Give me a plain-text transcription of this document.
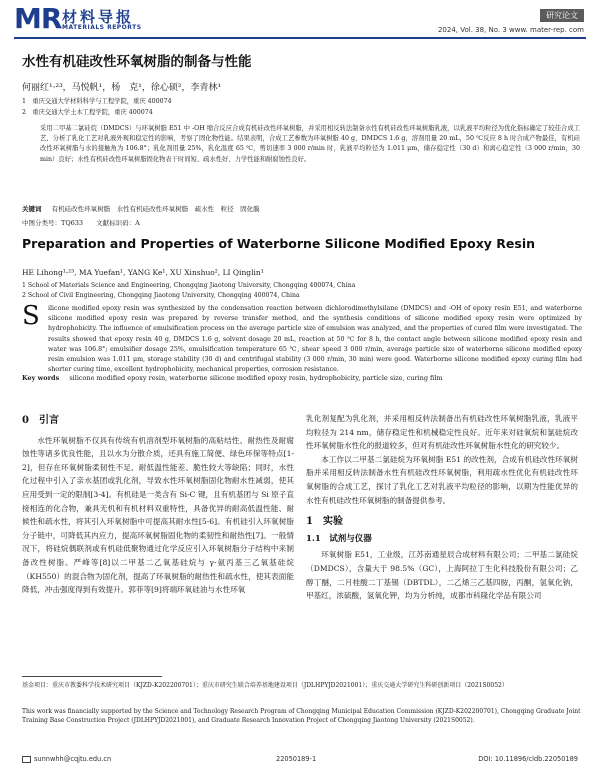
MR 材料导报
MATERIALS REPORTS
研究论文
2024, Vol. 38, No. 3 www. mater-rep. com
水性有机硅改性环氧树脂的制备与性能
何丽红¹·²³，马悦帆¹，杨　克¹，徐心硕²，李青林¹
1　重庆交通大学材料科学与工程学院，重庆 400074
2　重庆交通大学土木工程学院，重庆 400074
采用二甲基二氯硅烷（DMDCS）与环氧树脂 E51 中 -OH 缩合反应合成有机硅改性环氧树脂，并采用相反转法制备水性有机硅改性环氧树脂乳液，以乳液平均粒径为优化指标确定了较佳合成工艺，分析了乳化工艺对乳液外观和稳定性的影响，考察了固化物性能。结果表明，合成工艺参数为环氧树脂 40 g，DMDCS 1.6 g，溶剂用量 20 mL，50 ℃反应 8 h 时合成产物最佳，有机硅改性环氧树脂与水的接触角为 106.8°；乳化剂用量 25%，乳化温度 65 ℃，剪切速率 3 000 r/min 时，乳液平均粒径为 1.011 μm，储存稳定性（30 d）和离心稳定性（3 000 r/min，30 min）良好；水性有机硅改性环氧树脂固化物表干时间短、疏水性好、力学性能和耐腐蚀性良好。
关键词 有机硅改性环氧树脂　水性有机硅改性环氧树脂　疏水性　粒径　固化膜
中图分类号：TQ633　　文献标识码：A
Preparation and Properties of Waterborne Silicone Modified Epoxy Resin
HE Lihong¹·²³, MA Yuefan¹, YANG Ke¹, XU Xinshuo², LI Qinglin¹
1 School of Materials Science and Engineering, Chongqing Jiaotong University, Chongqing 400074, China
2 School of Civil Engineering, Chongqing Jiaotong University, Chongqing 400074, China
S ilicone modified epoxy resin was synthesized by the condensation reaction between dichlorodimethylsilane (DMDCS) and -OH of epoxy resin E51, and waterborne silicone modified epoxy resin was prepared by reverse transfer method, and the synthesis conditions of silicone modified epoxy resin were optimized by hydrophobicity. The influence of emulsification process on the average particle size of emulsion was analyzed, and the properties of cured film were investigated. The results showed that epoxy resin 40 g, DMDCS 1.6 g, solvent dosage 20 mL, reaction at 50 ℃ for 8 h, the contact angle between silicone modified epoxy resin and water was 106.8°; emulsifier dosage 25%, emulsification temperature 65 ℃, shear speed 3 000 r/min, average particle size of waterborne silicone modified epoxy resin emulsion was 1.011 μm, storage stability (30 d) and centrifugal stability (3 000 r/min, 30 min) were good. Waterborne silicone modified epoxy curing film had shorter curing time, excellent hydrophobicity, mechanical properties, corrosion resistance.
Key words silicone modified epoxy resin, waterborne silicone modified epoxy resin, hydrophobicity, particle size, curing film
0　引言
水性环氧树脂不仅具有传统有机溶剂型环氧树脂的高粘结性、耐热性及耐腐蚀性等诸多优良性能，且以水为分散介质，还具有施工简便、绿色环保等特点[1-2]，但存在环氧树脂柔韧性不足、耐低温性能差、脆性较大等缺陷；同时，水性化过程中引入了亲水基团或乳化剂，导致水性环氧树脂固化物耐水性减弱，使其应用受到一定的限制[3-4]。有机硅是一类含有 Si-C 键，且有机基团与 Si 原子直接相连的化合物，兼具无机和有机材料双重特性，具备优异的耐高低温性能、耐候性和疏水性，将其引入环氧树脂中可提高其耐水性[5-6]。有机硅引入环氧树脂分子链中，可降低其内应力，提高环氧树脂固化物的柔韧性和耐热性[7]。一般情况下，将硅烷偶联剂或有机硅低聚物通过化学反应引入环氧树脂分子结构中来制备改性树脂。严峰等[8]以二甲基二乙氧基硅烷与 γ-氨丙基三乙氧基硅烷（KH550）的混合物为固化剂，提高了环氧树脂的耐热性和疏水性，使其表面能降低，冲击强度得到有效提升。郭菲等[9]将端环氧硅油与水性环氧
乳化剂复配为乳化剂，并采用相反转法制备出有机硅改性环氧树脂乳液，乳液平均粒径为 214 nm，储存稳定性和机械稳定性良好。近年来对硅氧烷和氯硅烷改性环氧树脂水性化的报道较多，但对有机硅改性环氧树脂水性化的研究较少。
本工作以二甲基二氯硅烷为环氧树脂 E51 的改性剂，合成有机硅改性环氧树脂并采用相反转法制备水性有机硅改性环氧树脂，利用疏水性优化有机硅改性环氧树脂的合成工艺，探讨了乳化工艺对乳液平均粒径的影响，以期为性能优异的水性有机硅改性环氧树脂的制备提供参考。
1　实验
1.1　试剂与仪器
环氧树脂 E51，工业级，江苏南通星辰合成材料有限公司；二甲基二氯硅烷（DMDCS），含量大于 98.5%（GC），上海阿拉丁生化科技股份有限公司；乙醇丁醚，二月桂酸二丁基锡（DBTDL），二乙烯三乙基四胺，丙酮，氢氧化钠，甲基红，浓硫酸，氢氧化钾，均为分析纯，成都市科隆化学品有限公司
基金项目：重庆市教委科学技术研究项目（KJZD-K202200701）；重庆市研究生联合培养基地建设项目（JDLHPYJD2021001）；重庆交通大学研究生科研创新项目（2021S0052）
This work was financially supported by the Science and Technology Research Program of Chongqing Municipal Education Commission (KJZD-K202200701), Chongqing Graduate Joint Training Base Construction Project (JDLHPYJD2021001), and Graduate Research Innovation Project of Chongqing Jiaotong University (2021S0052).
sunnwhh@cqjtu.edu.cn	22050189-1	DOI: 10.11896/cldb.22050189
